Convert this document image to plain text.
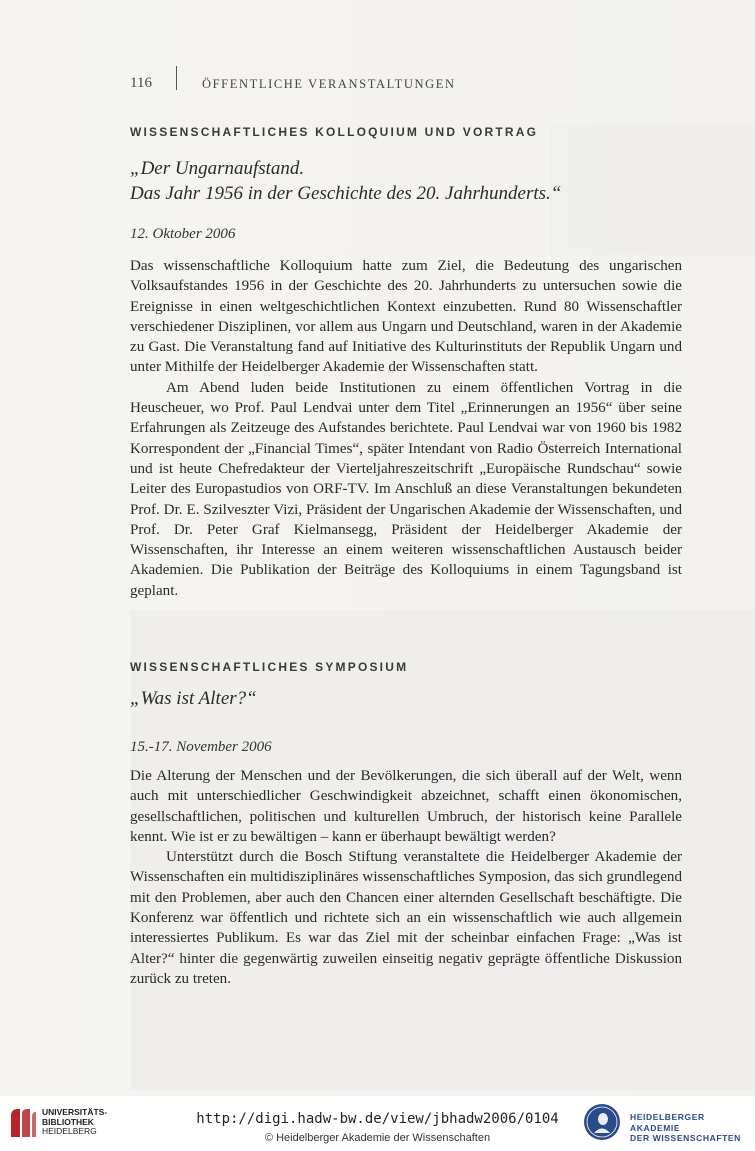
116	ÖFFENTLICHE VERANSTALTUNGEN
WISSENSCHAFTLICHES KOLLOQUIUM UND VORTRAG
„Der Ungarnaufstand.
Das Jahr 1956 in der Geschichte des 20. Jahrhunderts.“
12. Oktober 2006

Das wissenschaftliche Kolloquium hatte zum Ziel, die Bedeutung des ungarischen Volksaufstandes 1956 in der Geschichte des 20. Jahrhunderts zu untersuchen sowie die Ereignisse in einen weltgeschichtlichen Kontext einzubetten. Rund 80 Wissenschaftler verschiedener Disziplinen, vor allem aus Ungarn und Deutschland, waren in der Akademie zu Gast. Die Veranstaltung fand auf Initiative des Kulturinstituts der Republik Ungarn und unter Mithilfe der Heidelberger Akademie der Wissenschaften statt.

Am Abend luden beide Institutionen zu einem öffentlichen Vortrag in die Heuscheuer, wo Prof. Paul Lendvai unter dem Titel „Erinnerungen an 1956“ über seine Erfahrungen als Zeitzeuge des Aufstandes berichtete. Paul Lendvai war von 1960 bis 1982 Korrespondent der „Financial Times“, später Intendant von Radio Österreich International und ist heute Chefredakteur der Vierteljahreszeitschrift „Europäische Rundschau“ sowie Leiter des Europastudios von ORF-TV. Im Anschluß an diese Veranstaltungen bekundeten Prof. Dr. E. Szilveszter Vizi, Präsident der Ungarischen Akademie der Wissenschaften, und Prof. Dr. Peter Graf Kielmansegg, Präsident der Heidelberger Akademie der Wissenschaften, ihr Interesse an einem weiteren wissenschaftlichen Austausch beider Akademien. Die Publikation der Beiträge des Kolloquiums in einem Tagungsband ist geplant.

WISSENSCHAFTLICHES SYMPOSIUM
„Was ist Alter?“
15.-17. November 2006

Die Alterung der Menschen und der Bevölkerungen, die sich überall auf der Welt, wenn auch mit unterschiedlicher Geschwindigkeit abzeichnet, schafft einen ökonomischen, gesellschaftlichen, politischen und kulturellen Umbruch, der historisch keine Parallele kennt. Wie ist er zu bewältigen – kann er überhaupt bewältigt werden?

Unterstützt durch die Bosch Stiftung veranstaltete die Heidelberger Akademie der Wissenschaften ein multidisziplinäres wissenschaftliches Symposion, das sich grundlegend mit den Problemen, aber auch den Chancen einer alternden Gesellschaft beschäftigte. Die Konferenz war öffentlich und richtete sich an ein wissenschaftlich wie auch allgemein interessiertes Publikum. Es war das Ziel mit der scheinbar einfachen Frage: „Was ist Alter?“ hinter die gegenwärtig zuweilen einseitig negativ geprägte öffentliche Diskussion zurück zu treten.

UNIVERSITÄTS-
BIBLIOTHEK
HEIDELBERG
http://digi.hadw-bw.de/view/jbhadw2006/0104
© Heidelberger Akademie der Wissenschaften
HEIDELBERGER AKADEMIE
DER WISSENSCHAFTEN
